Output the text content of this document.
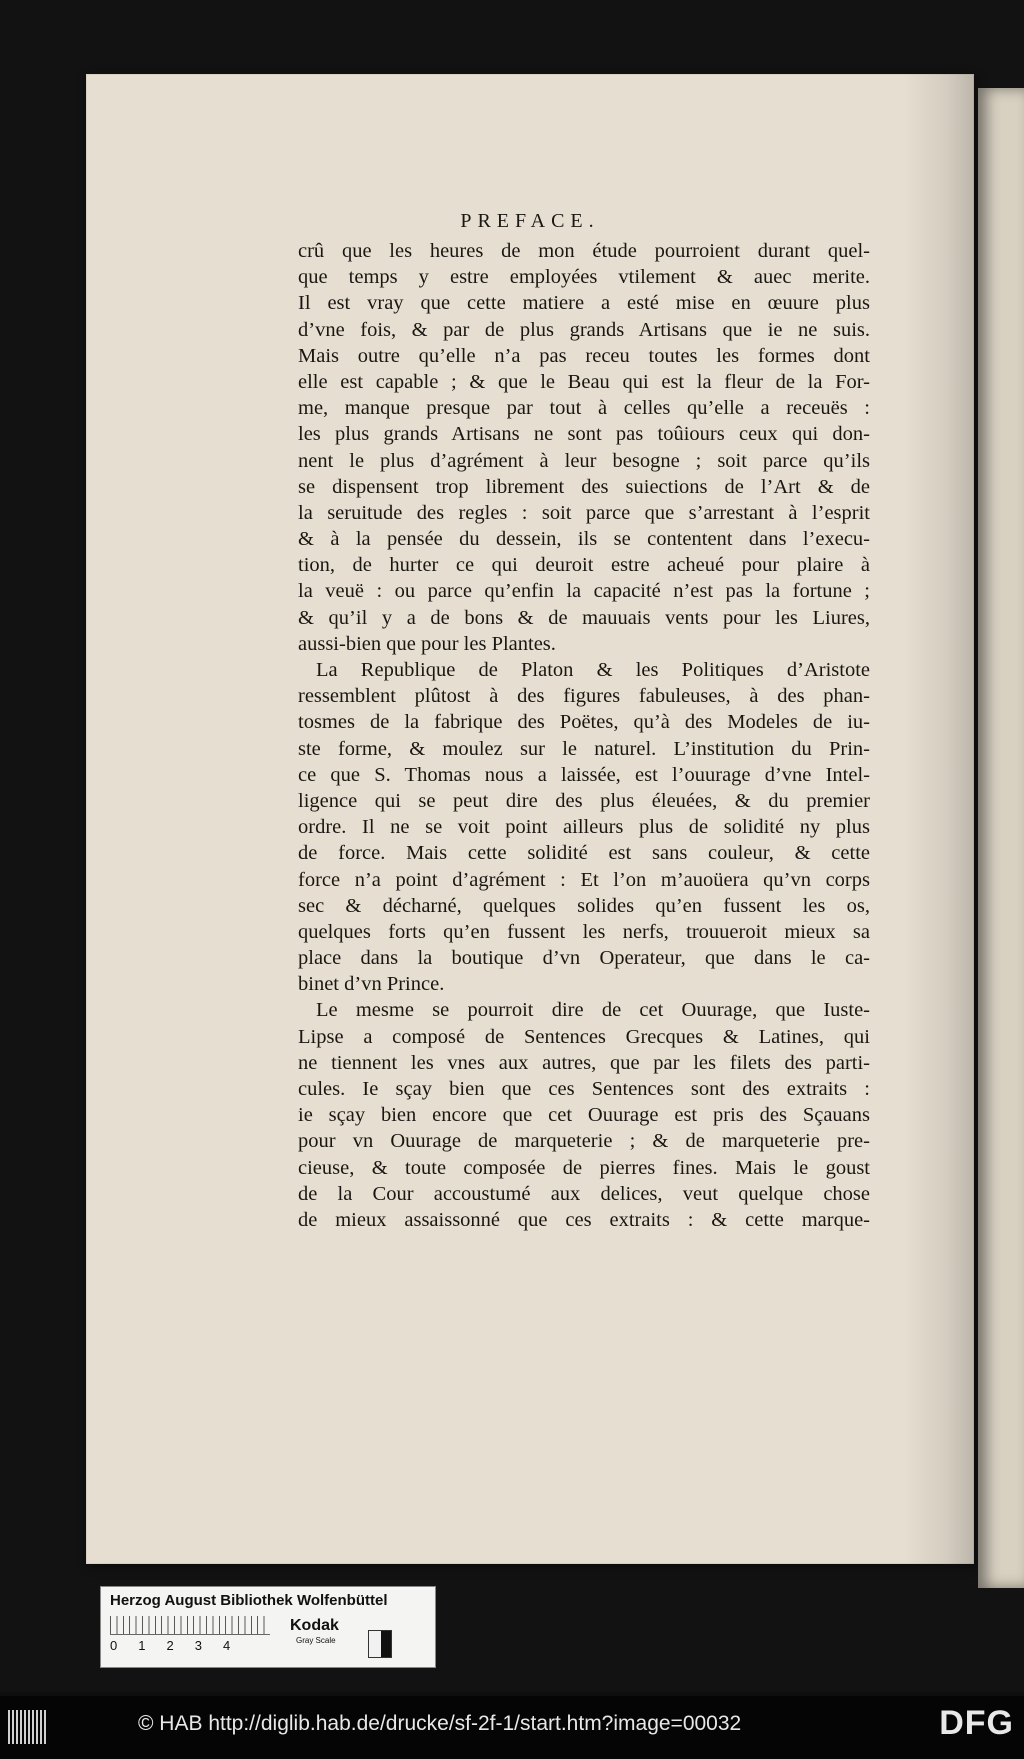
PREFACE.
crû que les heures de mon étude pourroient durant quel-
que temps y estre employées vtilement & auec merite.
Il est vray que cette matiere a esté mise en œuure plus
d’vne fois, & par de plus grands Artisans que ie ne suis.
Mais outre qu’elle n’a pas receu toutes les formes dont
elle est capable ; & que le Beau qui est la fleur de la For-
me, manque presque par tout à celles qu’elle a receuës :
les plus grands Artisans ne sont pas toûiours ceux qui don-
nent le plus d’agrément à leur besogne ; soit parce qu’ils
se dispensent trop librement des suiections de l’Art & de
la seruitude des regles : soit parce que s’arrestant à l’esprit
& à la pensée du dessein, ils se contentent dans l’execu-
tion, de hurter ce qui deuroit estre acheué pour plaire à
la veuë : ou parce qu’enfin la capacité n’est pas la fortune ;
& qu’il y a de bons & de mauuais vents pour les Liures,
aussi-bien que pour les Plantes.
La Republique de Platon & les Politiques d’Aristote
ressemblent plûtost à des figures fabuleuses, à des phan-
tosmes de la fabrique des Poëtes, qu’à des Modeles de iu-
ste forme, & moulez sur le naturel. L’institution du Prin-
ce que S. Thomas nous a laissée, est l’ouurage d’vne Intel-
ligence qui se peut dire des plus éleuées, & du premier
ordre. Il ne se voit point ailleurs plus de solidité ny plus
de force. Mais cette solidité est sans couleur, & cette
force n’a point d’agrément : Et l’on m’auoüera qu’vn corps
sec & décharné, quelques solides qu’en fussent les os,
quelques forts qu’en fussent les nerfs, trouueroit mieux sa
place dans la boutique d’vn Operateur, que dans le ca-
binet d’vn Prince.
Le mesme se pourroit dire de cet Ouurage, que Iuste-
Lipse a composé de Sentences Grecques & Latines, qui
ne tiennent les vnes aux autres, que par les filets des parti-
cules. Ie sçay bien que ces Sentences sont des extraits :
ie sçay bien encore que cet Ouurage est pris des Sçauans
pour vn Ouurage de marqueterie ; & de marqueterie pre-
cieuse, & toute composée de pierres fines. Mais le goust
de la Cour accoustumé aux delices, veut quelque chose
de mieux assaissonné que ces extraits : & cette marque-
Herzog August Bibliothek Wolfenbüttel
0 1 2 3 4
Kodak
Gray Scale
© HAB http://diglib.hab.de/drucke/sf-2f-1/start.htm?image=00032	DFG
